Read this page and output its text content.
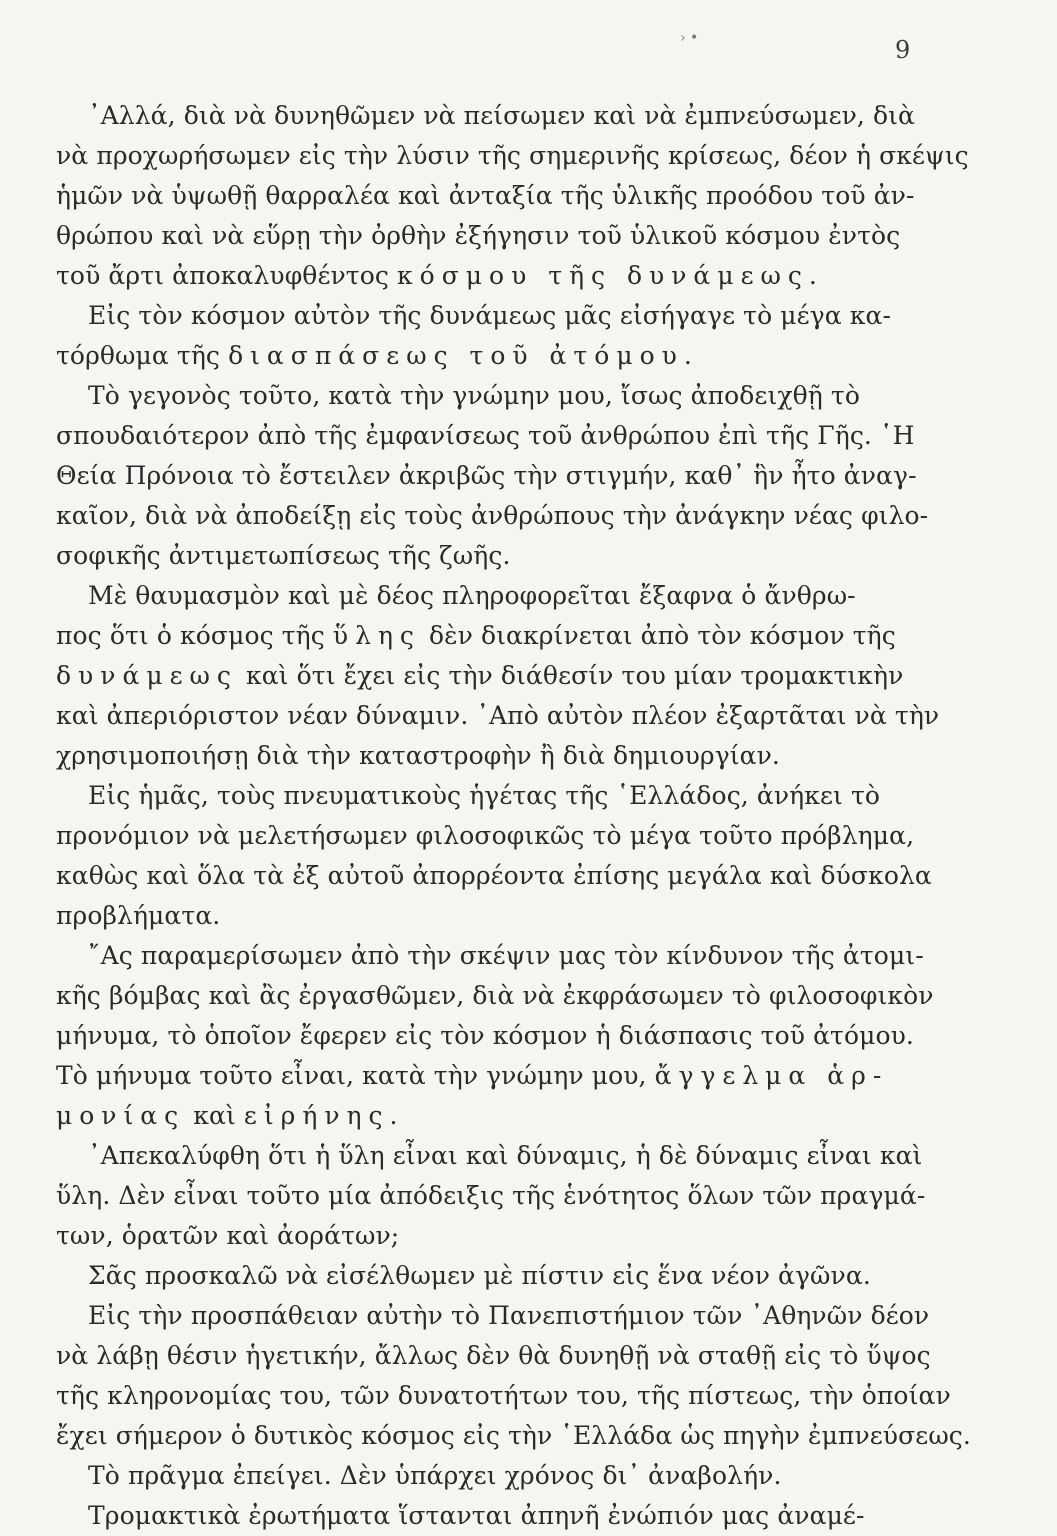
› •	9
᾽Αλλά, διὰ νὰ δυνηθῶμεν νὰ πείσωμεν καὶ νὰ ἐμπνεύσωμεν, διὰ
νὰ προχωρήσωμεν εἰς τὴν λύσιν τῆς σημερινῆς κρίσεως, δέον ἡ σκέψις
ἡμῶν νὰ ὑψωθῇ θαρραλέα καὶ ἀνταξία τῆς ὑλικῆς προόδου τοῦ ἀν-
θρώπου καὶ νὰ εὕρῃ τὴν ὀρθὴν ἐξήγησιν τοῦ ὑλικοῦ κόσμου ἐντὸς
τοῦ ἄρτι ἀποκαλυφθέντος κόσμου τῆς δυνάμεως.
Εἰς τὸν κόσμον αὐτὸν τῆς δυνάμεως μᾶς εἰσήγαγε τὸ μέγα κα-
τόρθωμα τῆς διασπάσεως τοῦ ἀτόμου.
Τὸ γεγονὸς τοῦτο, κατὰ τὴν γνώμην μου, ἴσως ἀποδειχθῇ τὸ
σπουδαιότερον ἀπὸ τῆς ἐμφανίσεως τοῦ ἀνθρώπου ἐπὶ τῆς Γῆς. ῾Η
Θεία Πρόνοια τὸ ἔστειλεν ἀκριβῶς τὴν στιγμήν, καθ᾽ ἣν ἦτο ἀναγ-
καῖον, διὰ νὰ ἀποδείξῃ εἰς τοὺς ἀνθρώπους τὴν ἀνάγκην νέας φιλο-
σοφικῆς ἀντιμετωπίσεως τῆς ζωῆς.
Μὲ θαυμασμὸν καὶ μὲ δέος πληροφορεῖται ἔξαφνα ὁ ἄνθρω-
πος ὅτι ὁ κόσμος τῆς ὕλης δὲν διακρίνεται ἀπὸ τὸν κόσμον τῆς
δυνάμεως καὶ ὅτι ἔχει εἰς τὴν διάθεσίν του μίαν τρομακτικὴν
καὶ ἀπεριόριστον νέαν δύναμιν. ᾽Απὸ αὐτὸν πλέον ἐξαρτᾶται νὰ τὴν
χρησιμοποιήσῃ διὰ τὴν καταστροφὴν ἢ διὰ δημιουργίαν.
Εἰς ἡμᾶς, τοὺς πνευματικοὺς ἡγέτας τῆς ῾Ελλάδος, ἀνήκει τὸ
προνόμιον νὰ μελετήσωμεν φιλοσοφικῶς τὸ μέγα τοῦτο πρόβλημα,
καθὼς καὶ ὅλα τὰ ἐξ αὐτοῦ ἀπορρέοντα ἐπίσης μεγάλα καὶ δύσκολα
προβλήματα.
῎Ας παραμερίσωμεν ἀπὸ τὴν σκέψιν μας τὸν κίνδυνον τῆς ἀτομι-
κῆς βόμβας καὶ ἂς ἐργασθῶμεν, διὰ νὰ ἐκφράσωμεν τὸ φιλοσοφικὸν
μήνυμα, τὸ ὁποῖον ἔφερεν εἰς τὸν κόσμον ἡ διάσπασις τοῦ ἀτόμου.
Τὸ μήνυμα τοῦτο εἶναι, κατὰ τὴν γνώμην μου, ἄγγελμα ἁρ-
μονίας καὶ εἰρήνης.
᾽Απεκαλύφθη ὅτι ἡ ὕλη εἶναι καὶ δύναμις, ἡ δὲ δύναμις εἶναι καὶ
ὕλη. Δὲν εἶναι τοῦτο μία ἀπόδειξις τῆς ἑνότητος ὅλων τῶν πραγμά-
των, ὁρατῶν καὶ ἀοράτων;
Σᾶς προσκαλῶ νὰ εἰσέλθωμεν μὲ πίστιν εἰς ἕνα νέον ἀγῶνα.
Εἰς τὴν προσπάθειαν αὐτὴν τὸ Πανεπιστήμιον τῶν ᾽Αθηνῶν δέον
νὰ λάβῃ θέσιν ἡγετικήν, ἄλλως δὲν θὰ δυνηθῇ νὰ σταθῇ εἰς τὸ ὕψος
τῆς κληρονομίας του, τῶν δυνατοτήτων του, τῆς πίστεως, τὴν ὁποίαν
ἔχει σήμερον ὁ δυτικὸς κόσμος εἰς τὴν ῾Ελλάδα ὡς πηγὴν ἐμπνεύσεως.
Τὸ πρᾶγμα ἐπείγει. Δὲν ὑπάρχει χρόνος δι᾽ ἀναβολήν.
Τρομακτικὰ ἐρωτήματα ἵστανται ἀπηνῆ ἐνώπιόν μας ἀναμέ-
